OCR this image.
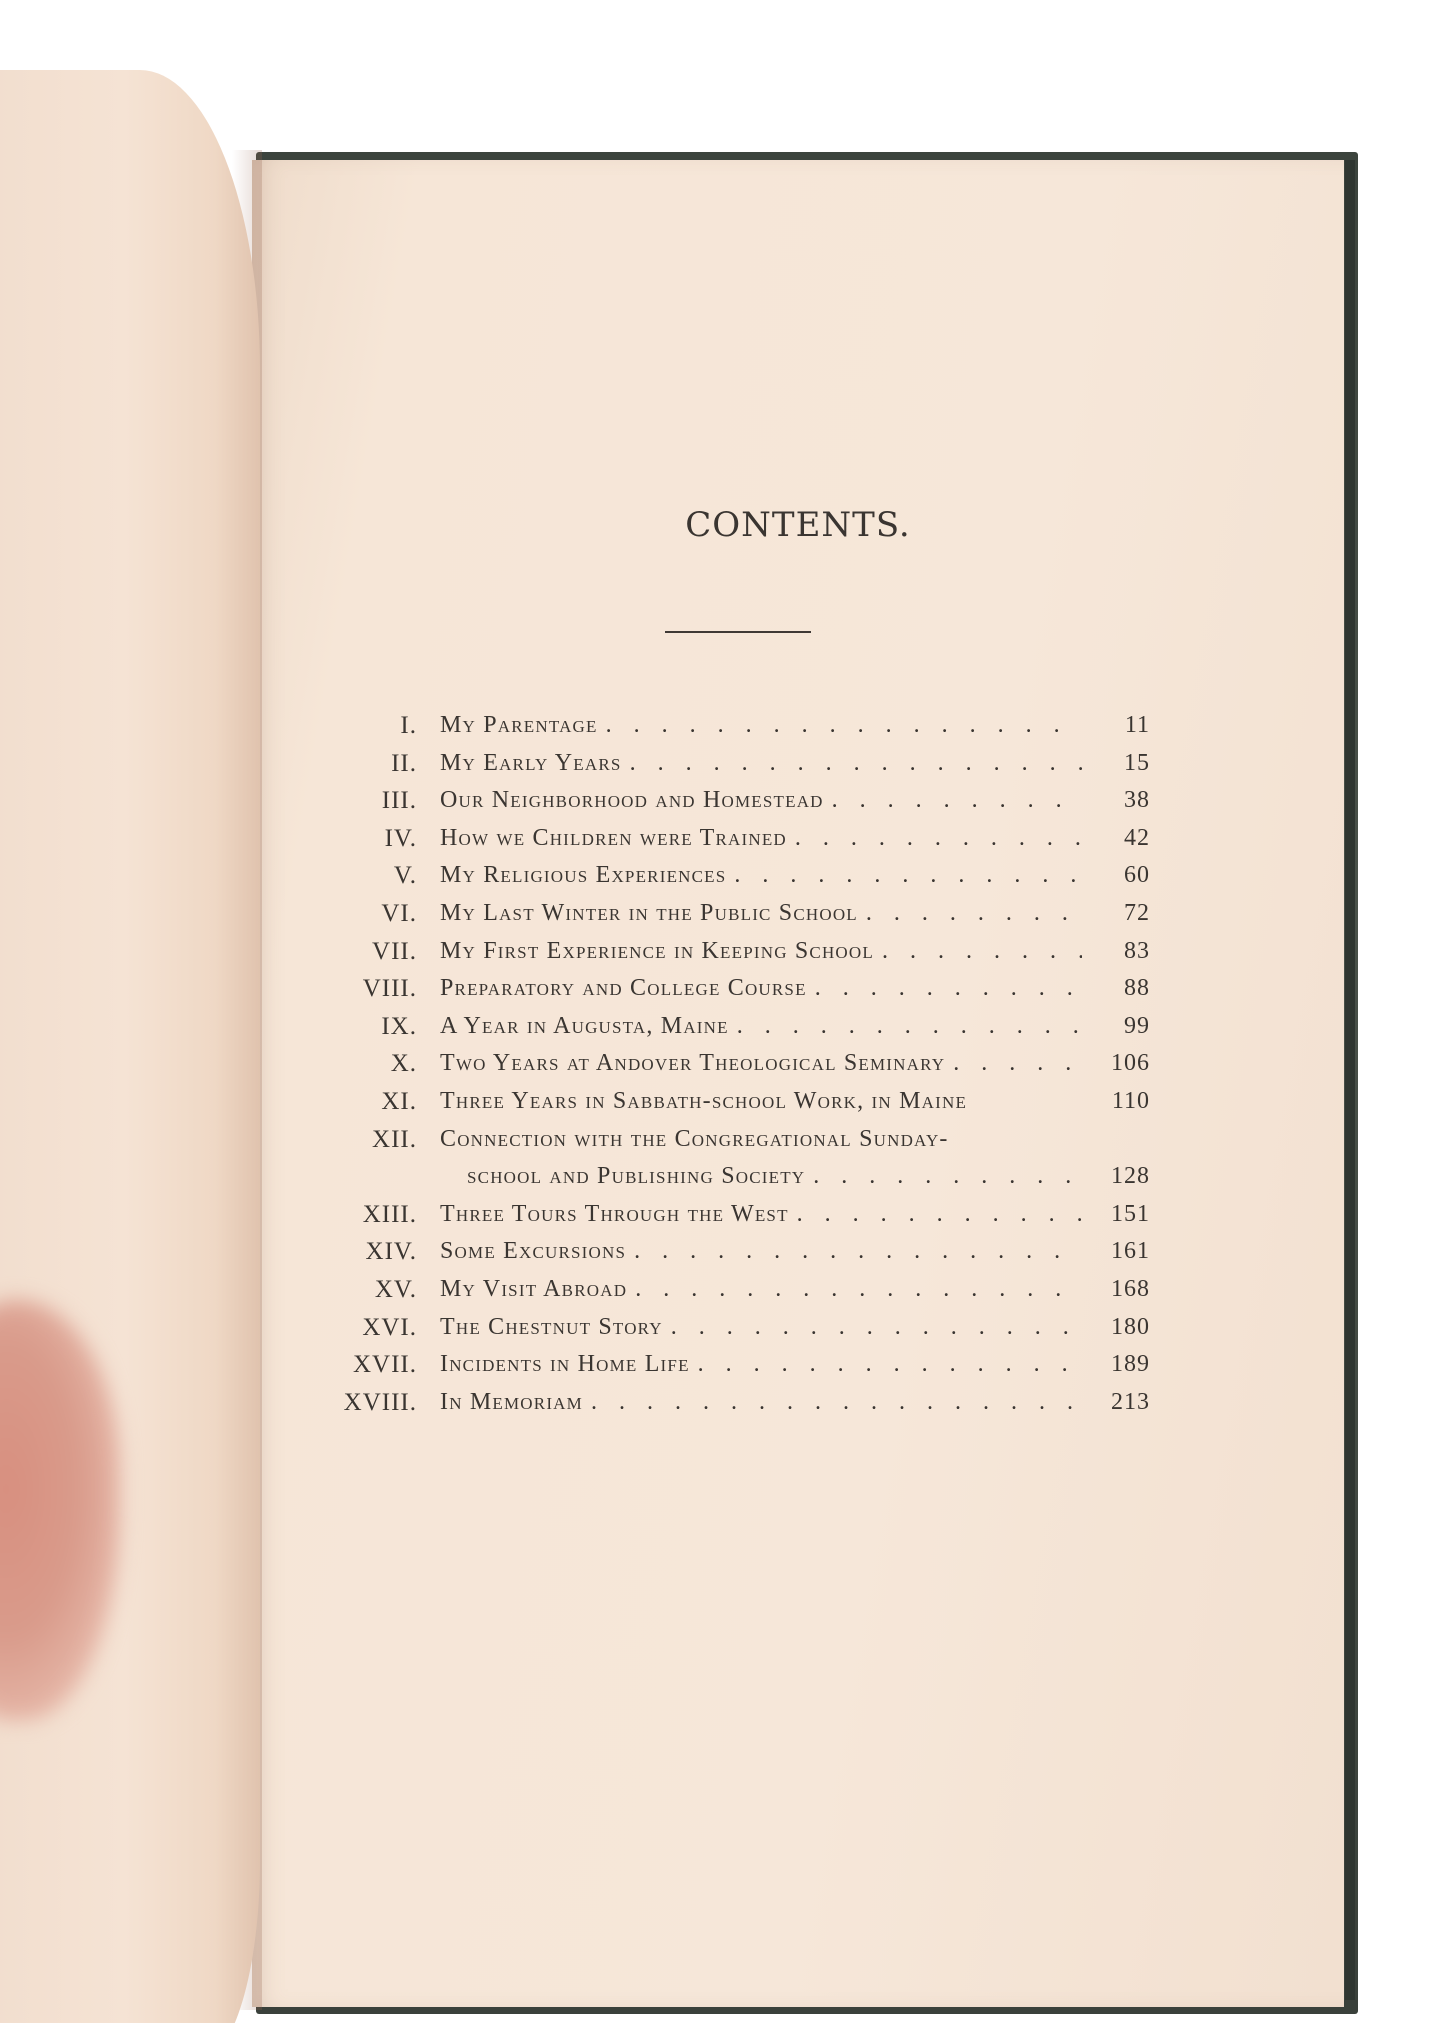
CONTENTS.
I. My Parentage . . .	11
II. My Early Years . . .	15
III. Our Neighborhood and Homestead . . .	38
IV. How we Children were Trained . . .	42
V. My Religious Experiences . . .	60
VI. My Last Winter in the Public School . . .	72
VII. My First Experience in Keeping School . . .	83
VIII. Preparatory and College Course . . .	88
IX. A Year in Augusta, Maine . . .	99
X. Two Years at Andover Theological Seminary . . .	106
XI. Three Years in Sabbath-school Work, in Maine	110
XII. Connection with the Congregational Sunday-
school and Publishing Society . . .	128
XIII. Three Tours Through the West . . .	151
XIV. Some Excursions . . .	161
XV. My Visit Abroad . . .	168
XVI. The Chestnut Story . . .	180
XVII. Incidents in Home Life . . .	189
XVIII. In Memoriam . . .	213
